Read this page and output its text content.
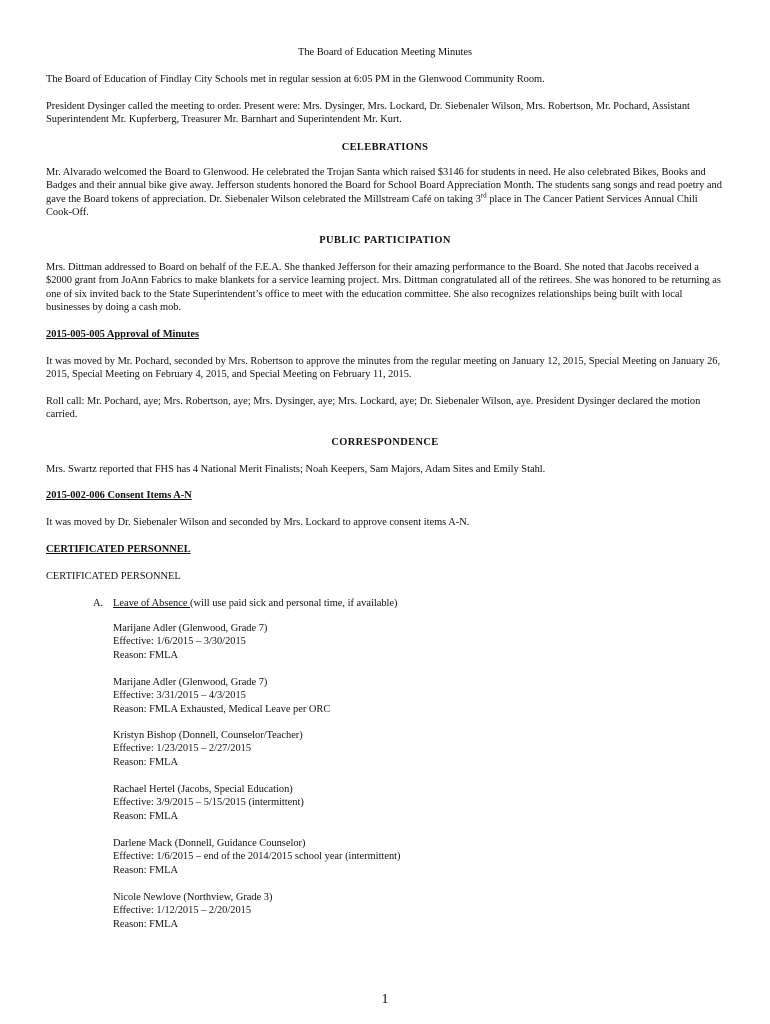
The Board of Education Meeting Minutes

The Board of Education of Findlay City Schools met in regular session at 6:05 PM in the Glenwood Community Room.

President Dysinger called the meeting to order. Present were: Mrs. Dysinger, Mrs. Lockard, Dr. Siebenaler Wilson, Mrs. Robertson, Mr. Pochard, Assistant Superintendent Mr. Kupferberg, Treasurer Mr. Barnhart and Superintendent Mr. Kurt.

CELEBRATIONS

Mr. Alvarado welcomed the Board to Glenwood. He celebrated the Trojan Santa which raised $3146 for students in need. He also celebrated Bikes, Books and Badges and their annual bike give away. Jefferson students honored the Board for School Board Appreciation Month. The students sang songs and read poetry and gave the Board tokens of appreciation. Dr. Siebenaler Wilson celebrated the Millstream Café on taking 3rd place in The Cancer Patient Services Annual Chili Cook-Off.

PUBLIC PARTICIPATION

Mrs. Dittman addressed to Board on behalf of the F.E.A. She thanked Jefferson for their amazing performance to the Board. She noted that Jacobs received a $2000 grant from JoAnn Fabrics to make blankets for a service learning project. Mrs. Dittman congratulated all of the retirees. She was honored to be returning as one of six invited back to the State Superintendent’s office to meet with the education committee. She also recognizes relationships being built with local businesses by doing a cash mob.

2015-005-005 Approval of Minutes

It was moved by Mr. Pochard, seconded by Mrs. Robertson to approve the minutes from the regular meeting on January 12, 2015, Special Meeting on January 26, 2015, Special Meeting on February 4, 2015, and Special Meeting on February 11, 2015.

Roll call: Mr. Pochard, aye; Mrs. Robertson, aye; Mrs. Dysinger, aye; Mrs. Lockard, aye; Dr. Siebenaler Wilson, aye. President Dysinger declared the motion carried.

CORRESPONDENCE

Mrs. Swartz reported that FHS has 4 National Merit Finalists; Noah Keepers, Sam Majors, Adam Sites and Emily Stahl.

2015-002-006 Consent Items A-N

It was moved by Dr. Siebenaler Wilson and seconded by Mrs. Lockard to approve consent items A-N.

CERTIFICATED PERSONNEL

CERTIFICATED PERSONNEL

A. Leave of Absence (will use paid sick and personal time, if available)
Marijane Adler (Glenwood, Grade 7)
Effective: 1/6/2015 – 3/30/2015
Reason: FMLA
Marijane Adler (Glenwood, Grade 7)
Effective: 3/31/2015 – 4/3/2015
Reason: FMLA Exhausted, Medical Leave per ORC
Kristyn Bishop (Donnell, Counselor/Teacher)
Effective: 1/23/2015 – 2/27/2015
Reason: FMLA
Rachael Hertel (Jacobs, Special Education)
Effective: 3/9/2015 – 5/15/2015 (intermittent)
Reason: FMLA
Darlene Mack (Donnell, Guidance Counselor)
Effective: 1/6/2015 – end of the 2014/2015 school year (intermittent)
Reason: FMLA
Nicole Newlove (Northview, Grade 3)
Effective: 1/12/2015 – 2/20/2015
Reason: FMLA
1
